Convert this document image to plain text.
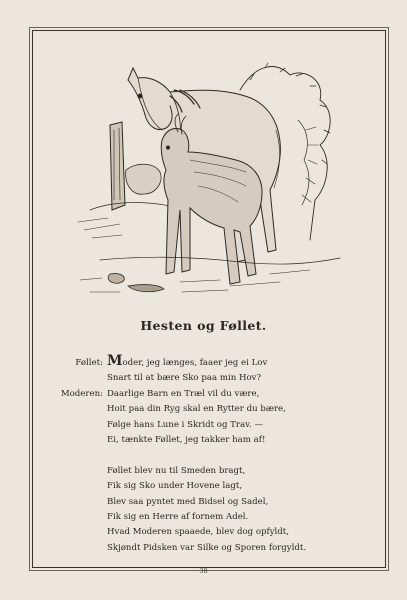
Hesten og Føllet.
Føllet: Moder, jeg længes, faaer jeg ei Lov
Snart til at bære Sko paa min Hov?
Moderen: Daarlige Barn en Træl vil du være,
Hoit paa din Ryg skal en Rytter du bære,
Følge hans Lune i Skridt og Trav. —
Ei, tænkte Føllet, jeg takker ham af!
Føllet blev nu til Smeden bragt,
Fik sig Sko under Hovene lagt,
Blev saa pyntet med Bidsel og Sadel,
Fik sig en Herre af fornem Adel.
Hvad Moderen spaaede, blev dog opfyldt,
Skjøndt Pidsken var Silke og Sporen forgyldt.
38
